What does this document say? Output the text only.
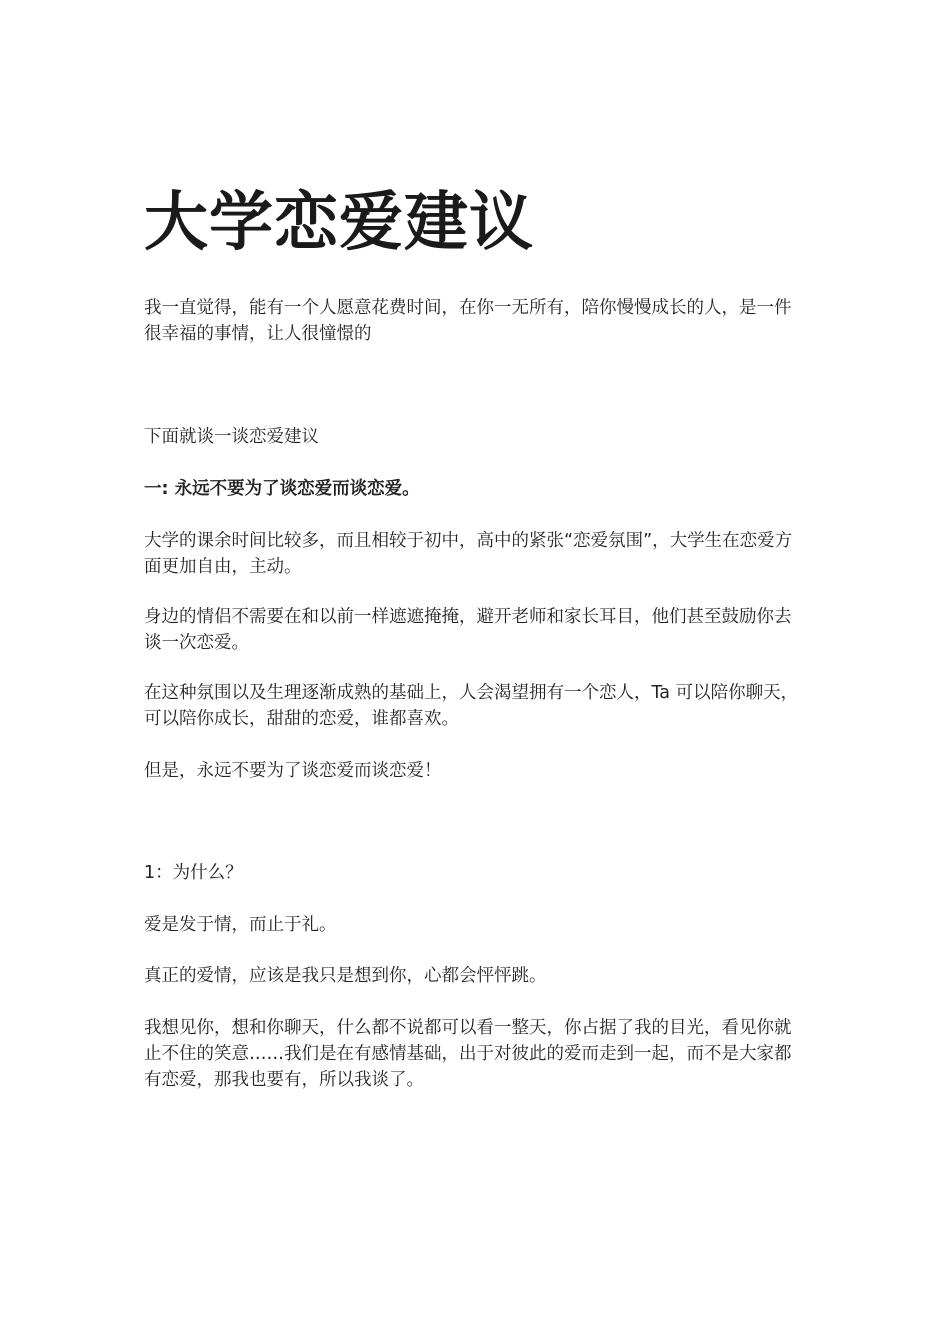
大学恋爱建议

我一直觉得，能有一个人愿意花费时间，在你一无所有，陪你慢慢成长的人，是一件很幸福的事情，让人很憧憬的

下面就谈一谈恋爱建议

一: 永远不要为了谈恋爱而谈恋爱。

大学的课余时间比较多，而且相较于初中，高中的紧张“恋爱氛围”，大学生在恋爱方面更加自由，主动。

身边的情侣不需要在和以前一样遮遮掩掩，避开老师和家长耳目，他们甚至鼓励你去谈一次恋爱。

在这种氛围以及生理逐渐成熟的基础上，人会渴望拥有一个恋人，Ta 可以陪你聊天，可以陪你成长，甜甜的恋爱，谁都喜欢。

但是，永远不要为了谈恋爱而谈恋爱！

1：为什么？

爱是发于情，而止于礼。

真正的爱情，应该是我只是想到你，心都会怦怦跳。

我想见你，想和你聊天，什么都不说都可以看一整天，你占据了我的目光，看见你就止不住的笑意……我们是在有感情基础，出于对彼此的爱而走到一起，而不是大家都有恋爱，那我也要有，所以我谈了。
